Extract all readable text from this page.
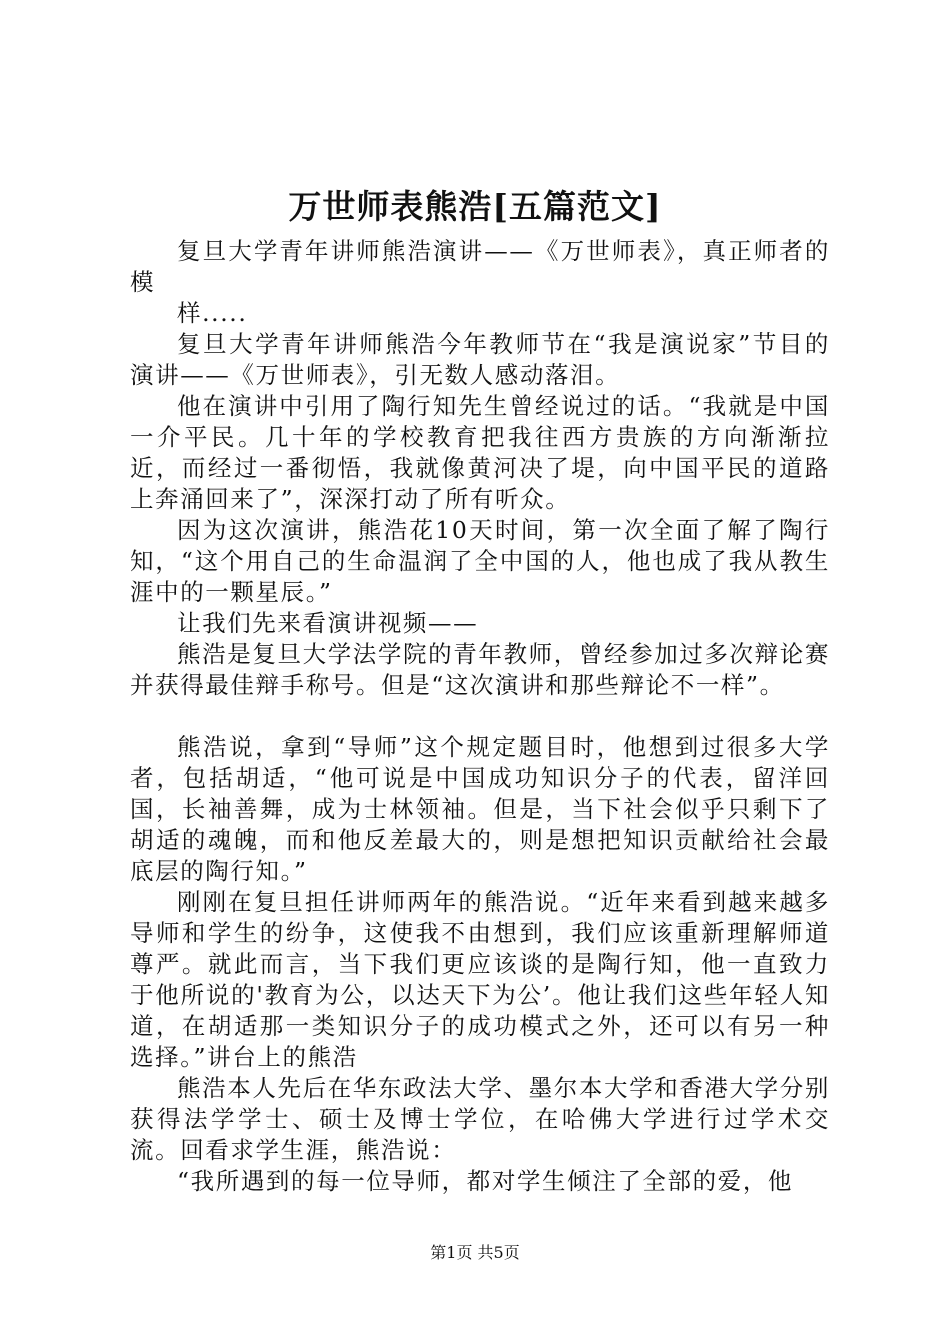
万世师表熊浩[五篇范文]

复旦大学青年讲师熊浩演讲——《万世师表》，真正师者的模

样.....

复旦大学青年讲师熊浩今年教师节在“我是演说家”节目的演讲——《万世师表》，引无数人感动落泪。

他在演讲中引用了陶行知先生曾经说过的话。“我就是中国一介平民。几十年的学校教育把我往西方贵族的方向渐渐拉近，而经过一番彻悟，我就像黄河决了堤，向中国平民的道路上奔涌回来了”，深深打动了所有听众。

因为这次演讲，熊浩花10天时间，第一次全面了解了陶行知，“这个用自己的生命温润了全中国的人，他也成了我从教生涯中的一颗星辰。”

让我们先来看演讲视频——

熊浩是复旦大学法学院的青年教师，曾经参加过多次辩论赛并获得最佳辩手称号。但是“这次演讲和那些辩论不一样”。

熊浩说，拿到“导师”这个规定题目时，他想到过很多大学者，包括胡适，“他可说是中国成功知识分子的代表，留洋回国，长袖善舞，成为士林领袖。但是，当下社会似乎只剩下了胡适的魂魄，而和他反差最大的，则是想把知识贡献给社会最底层的陶行知。”

刚刚在复旦担任讲师两年的熊浩说。“近年来看到越来越多导师和学生的纷争，这使我不由想到，我们应该重新理解师道尊严。就此而言，当下我们更应该谈的是陶行知，他一直致力于他所说的'教育为公，以达天下为公’。他让我们这些年轻人知道，在胡适那一类知识分子的成功模式之外，还可以有另一种选择。”讲台上的熊浩

熊浩本人先后在华东政法大学、墨尔本大学和香港大学分别获得法学学士、硕士及博士学位，在哈佛大学进行过学术交流。回看求学生涯，熊浩说：

“我所遇到的每一位导师，都对学生倾注了全部的爱，他

第1页 共5页
